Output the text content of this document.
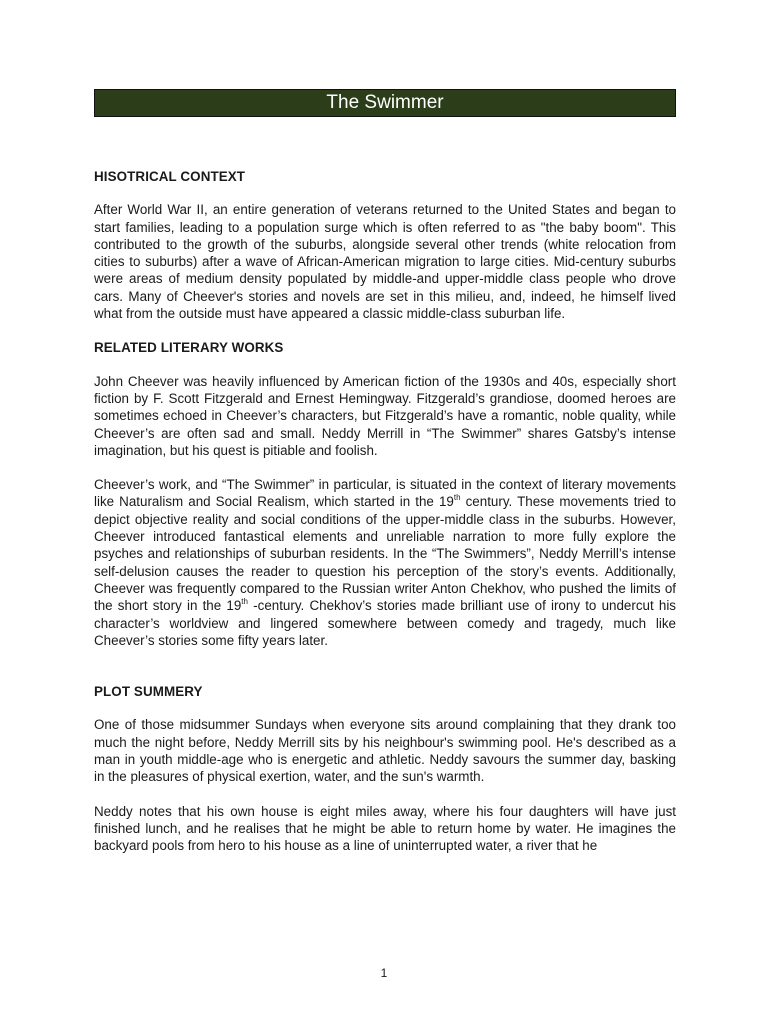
The Swimmer
HISOTRICAL CONTEXT

After World War II, an entire generation of veterans returned to the United States and began to start families, leading to a population surge which is often referred to as "the baby boom". This contributed to the growth of the suburbs, alongside several other trends (white relocation from cities to suburbs) after a wave of African-American migration to large cities. Mid-century suburbs were areas of medium density populated by middle-and upper-middle class people who drove cars. Many of Cheever's stories and novels are set in this milieu, and, indeed, he himself lived what from the outside must have appeared a classic middle-class suburban life.

RELATED LITERARY WORKS

John Cheever was heavily influenced by American fiction of the 1930s and 40s, especially short fiction by F. Scott Fitzgerald and Ernest Hemingway. Fitzgerald’s grandiose, doomed heroes are sometimes echoed in Cheever’s characters, but Fitzgerald’s have a romantic, noble quality, while Cheever’s are often sad and small. Neddy Merrill in “The Swimmer” shares Gatsby’s intense imagination, but his quest is pitiable and foolish.

Cheever’s work, and “The Swimmer” in particular, is situated in the context of literary movements like Naturalism and Social Realism, which started in the 19th century. These movements tried to depict objective reality and social conditions of the upper-middle class in the suburbs. However, Cheever introduced fantastical elements and unreliable narration to more fully explore the psyches and relationships of suburban residents. In the “The Swimmers”, Neddy Merrill’s intense self-delusion causes the reader to question his perception of the story’s events. Additionally, Cheever was frequently compared to the Russian writer Anton Chekhov, who pushed the limits of the short story in the 19th -century. Chekhov’s stories made brilliant use of irony to undercut his character’s worldview and lingered somewhere between comedy and tragedy, much like Cheever’s stories some fifty years later.

PLOT SUMMERY

One of those midsummer Sundays when everyone sits around complaining that they drank too much the night before, Neddy Merrill sits by his neighbour's swimming pool. He's described as a man in youth middle-age who is energetic and athletic. Neddy savours the summer day, basking in the pleasures of physical exertion, water, and the sun's warmth.

Neddy notes that his own house is eight miles away, where his four daughters will have just finished lunch, and he realises that he might be able to return home by water. He imagines the backyard pools from hero to his house as a line of uninterrupted water, a river that he

1
